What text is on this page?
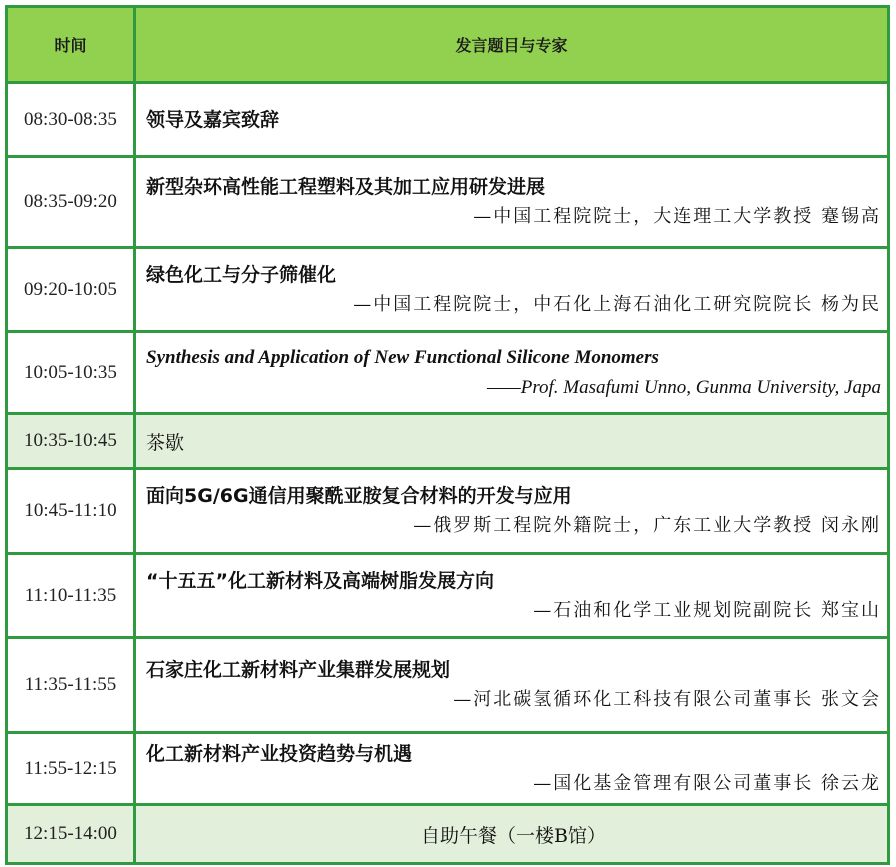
时间	发言题目与专家
08:30-08:35	领导及嘉宾致辞

08:35-09:20	新型杂环高性能工程塑料及其加工应用研发进展
—中国工程院院士，大连理工大学教授 蹇锡高

09:20-10:05	绿色化工与分子筛催化
—中国工程院院士，中石化上海石油化工研究院院长 杨为民

10:05-10:35	Synthesis and Application of New Functional Silicone Monomers
——Prof. Masafumi Unno, Gunma University, Japa

10:35-10:45	茶歇

10:45-11:10	面向5G/6G通信用聚酰亚胺复合材料的开发与应用
—俄罗斯工程院外籍院士，广东工业大学教授 闵永刚

11:10-11:35	“十五五”化工新材料及高端树脂发展方向
—石油和化学工业规划院副院长 郑宝山

11:35-11:55	石家庄化工新材料产业集群发展规划
—河北碳氢循环化工科技有限公司董事长 张文会

11:55-12:15	化工新材料产业投资趋势与机遇
—国化基金管理有限公司董事长 徐云龙

12:15-14:00	自助午餐（一楼B馆）
